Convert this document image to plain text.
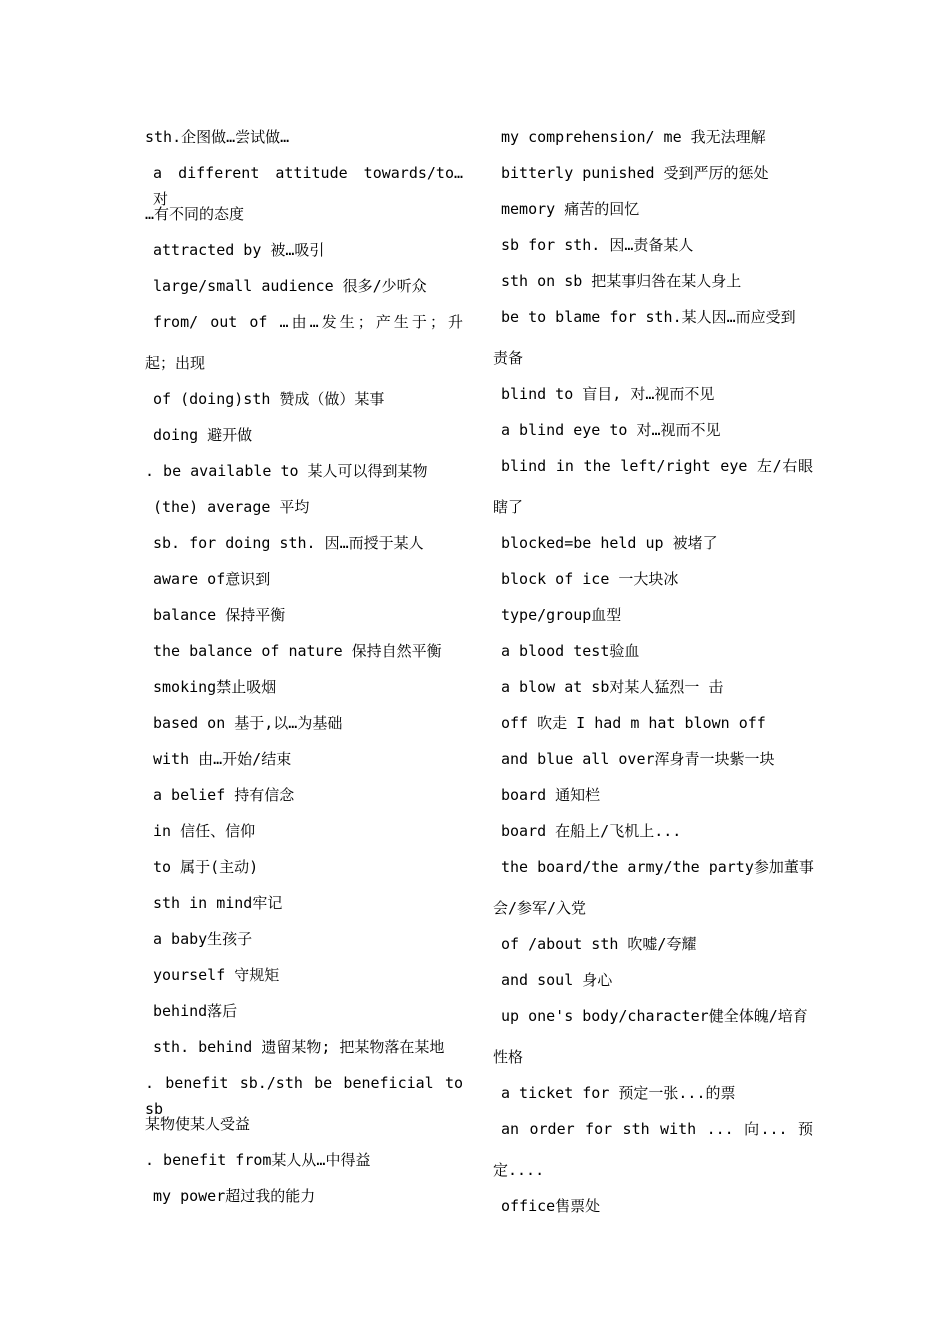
sth.企图做…尝试做…
a different attitude towards/to… 对
…有不同的态度
attracted by 被…吸引
large/small audience 很多/少听众
from/ out of …由…发生；产生于；升
起；出现
of (doing)sth 赞成（做）某事
doing 避开做
. be available to 某人可以得到某物
(the) average 平均
sb. for doing sth. 因…而授于某人
aware of意识到
balance 保持平衡
the balance of nature 保持自然平衡
smoking禁止吸烟
based on 基于,以…为基础
with 由…开始/结束
a belief 持有信念
in 信任、信仰
to 属于(主动)
sth in mind牢记
a baby生孩子
yourself 守规矩
behind落后
sth. behind 遗留某物; 把某物落在某地
. benefit sb./sth be beneficial to sb
某物使某人受益
. benefit from某人从…中得益
my power超过我的能力
my comprehension/ me 我无法理解
bitterly punished 受到严厉的惩处
memory 痛苦的回忆
sb for sth. 因…责备某人
sth on sb 把某事归咎在某人身上
be to blame for sth.某人因…而应受到
责备
blind to 盲目, 对…视而不见
a blind eye to 对…视而不见
blind in the left/right eye 左/右眼
瞎了
blocked=be held up 被堵了
block of ice 一大块冰
type/group血型
a blood test验血
a blow at sb对某人猛烈一 击
off 吹走 I had m hat blown off
and blue all over浑身青一块紫一块
board 通知栏
board 在船上/飞机上...
the board/the army/the party参加董事
会/参军/入党
of /about sth 吹嘘/夸耀
and soul 身心
up one's body/character健全体魄/培育
性格
a ticket for 预定一张...的票
an order for sth with ... 向... 预
定....
office售票处
